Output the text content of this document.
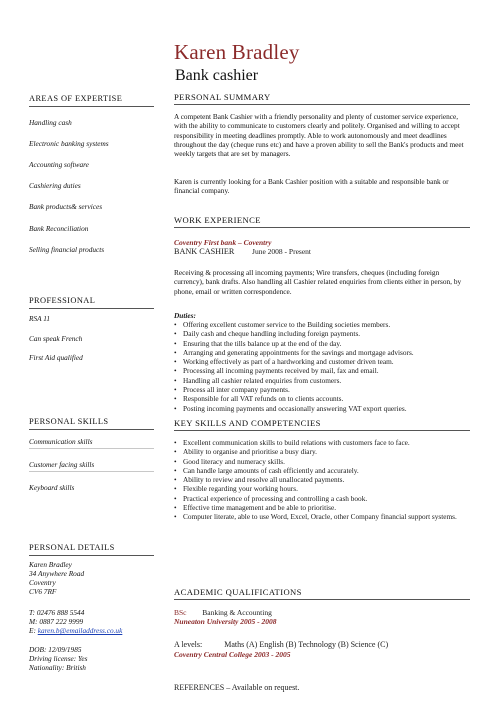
Karen Bradley
Bank cashier
AREAS OF EXPERTISE
Handling cash
Electronic banking systems
Accounting software
Cashiering duties
Bank products& services
Bank Reconciliation
Selling financial products
PROFESSIONAL
RSA 11
Can speak French
First Aid qualified
PERSONAL SKILLS
Communication skills
Customer facing skills
Keyboard skills
PERSONAL DETAILS
Karen Bradley
34 Anywhere Road
Coventry
CV6 7RF
T: 02476 888 5544
M: 0887 222 9999
E: karen.b@emailaddress.co.uk
DOB: 12/09/1985
Driving license: Yes
Nationality: British
PERSONAL SUMMARY
A competent Bank Cashier with a friendly personality and plenty of customer service experience, with the ability to communicate to customers clearly and politely. Organised and willing to accept responsibility in meeting deadlines promptly. Able to work autonomously and meet deadlines throughout the day (cheque runs etc) and have a proven ability to sell the Bank's products and meet weekly targets that are set by managers.
Karen is currently looking for a Bank Cashier position with a suitable and responsible bank or financial company.
WORK EXPERIENCE
Coventry First bank – Coventry
BANK CASHIER June 2008 - Present
Receiving & processing all incoming payments; Wire transfers, cheques (including foreign currency), bank drafts. Also handling all Cashier related enquiries from clients either in person, by phone, email or written correspondence.
Duties:
• Offering excellent customer service to the Building societies members.
• Daily cash and cheque handling including foreign payments.
• Ensuring that the tills balance up at the end of the day.
• Arranging and generating appointments for the savings and mortgage advisors.
• Working effectively as part of a hardworking and customer driven team.
• Processing all incoming payments received by mail, fax and email.
• Handling all cashier related enquiries from customers.
• Process all inter company payments.
• Responsible for all VAT refunds on to clients accounts.
• Posting incoming payments and occasionally answering VAT export queries.
KEY SKILLS AND COMPETENCIES
• Excellent communication skills to build relations with customers face to face.
• Ability to organise and prioritise a busy diary.
• Good literacy and numeracy skills.
• Can handle large amounts of cash efficiently and accurately.
• Ability to review and resolve all unallocated payments.
• Flexible regarding your working hours.
• Practical experience of processing and controlling a cash book.
• Effective time management and be able to prioritise.
• Computer literate, able to use Word, Excel, Oracle, other Company financial support systems.
ACADEMIC QUALIFICATIONS
BSc Banking & Accounting
Nuneaton University 2005 - 2008
A levels:	Maths (A) English (B) Technology (B) Science (C)
Coventry Central College 2003 - 2005
REFERENCES – Available on request.
